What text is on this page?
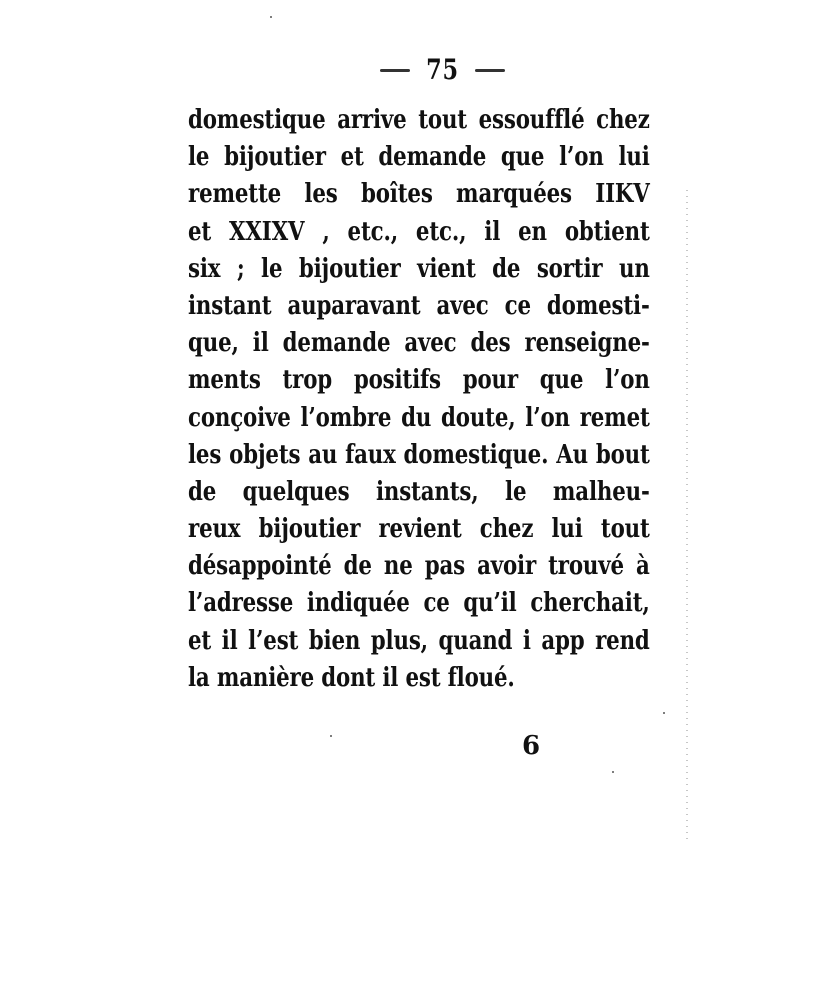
75
domestique arrive tout essoufflé chez
le bijoutier et demande que l’on lui
remette les boîtes marquées IIKV
et XXIXV , etc., etc., il en obtient
six ; le bijoutier vient de sortir un
instant auparavant avec ce domesti-
que, il demande avec des renseigne-
ments trop positifs pour que l’on
conçoive l’ombre du doute, l’on remet
les objets au faux domestique. Au bout
de quelques instants, le malheu-
reux bijoutier revient chez lui tout
désappointé de ne pas avoir trouvé à
l’adresse indiquée ce qu’il cherchait,
et il l’est bien plus, quand i app rend
la manière dont il est floué.
6
